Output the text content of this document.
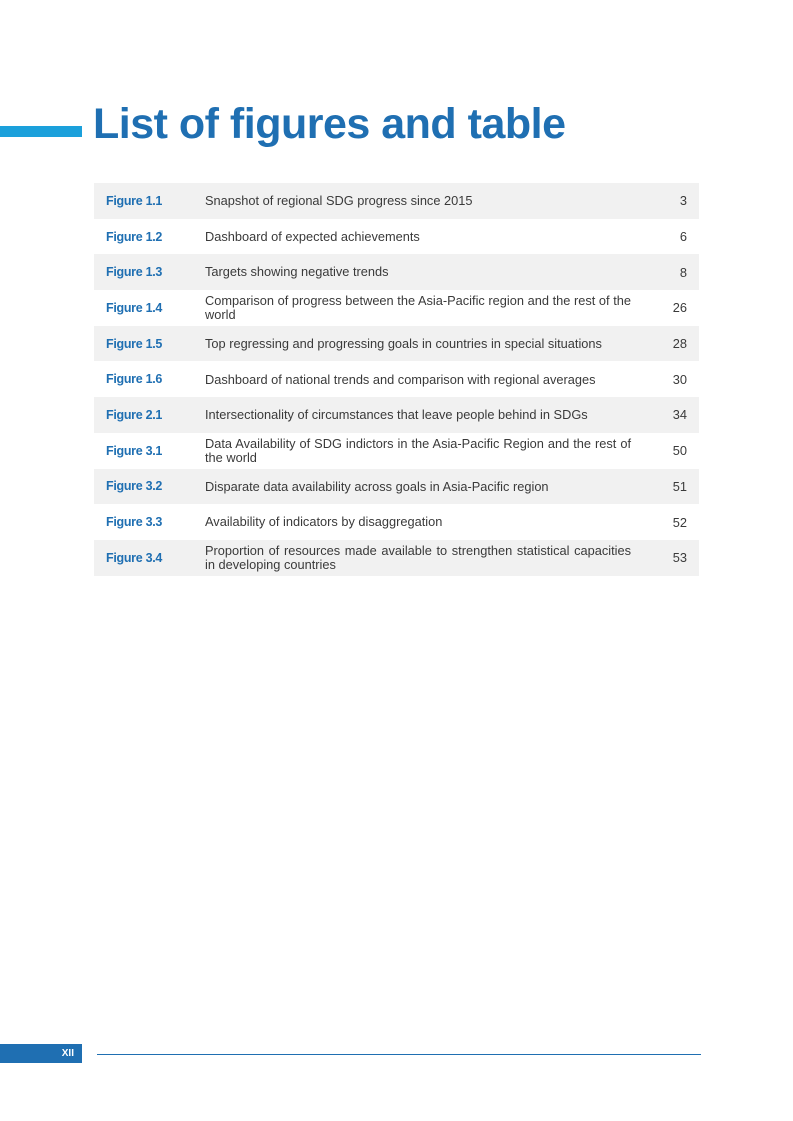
List of figures and table
Figure 1.1	Snapshot of regional SDG progress since 2015	3
Figure 1.2	Dashboard of expected achievements	6
Figure 1.3	Targets showing negative trends	8
Figure 1.4	Comparison of progress between the Asia-Pacific region and the rest of the world	26
Figure 1.5	Top regressing and progressing goals in countries in special situations	28
Figure 1.6	Dashboard of national trends and comparison with regional averages	30
Figure 2.1	Intersectionality of circumstances that leave people behind in SDGs	34
Figure 3.1	Data Availability of SDG indictors in the Asia-Pacific Region and the rest of the world	50
Figure 3.2	Disparate data availability across goals in Asia-Pacific region	51
Figure 3.3	Availability of indicators by disaggregation	52
Figure 3.4	Proportion of resources made available to strengthen statistical capacities in developing countries	53
XII
